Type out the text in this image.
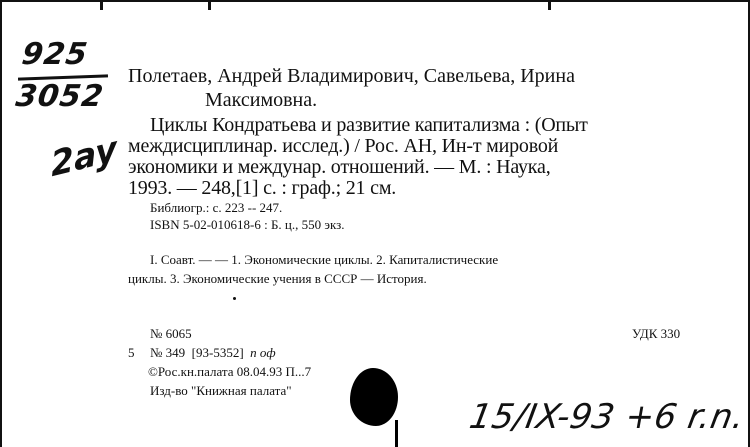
925
3052
2ay
Полетаев, Андрей Владимирович, Савельева, Ирина
Максимовна.
Циклы Кондратьева и развитие капитализма : (Опыт
междисциплинар. исслед.) / Рос. АН, Ин-т мировой
экономики и междунар. отношений. — М. : Наука,
1993. — 248,[1] с. : граф.; 21 см.
Библиогр.: с. 223 -- 247.
ISBN 5-02-010618-6 : Б. ц., 550 экз.
I. Соавт. — — 1. Экономические циклы. 2. Капиталистические
циклы. 3. Экономические учения в СССР — История.
№ 6065	УДК 330
5 № 349 [93-5352] п оф
©Рос.кн.палата 08.04.93 П...7
Изд-во "Книжная палата"
15/IX-93 +6 r.n.
